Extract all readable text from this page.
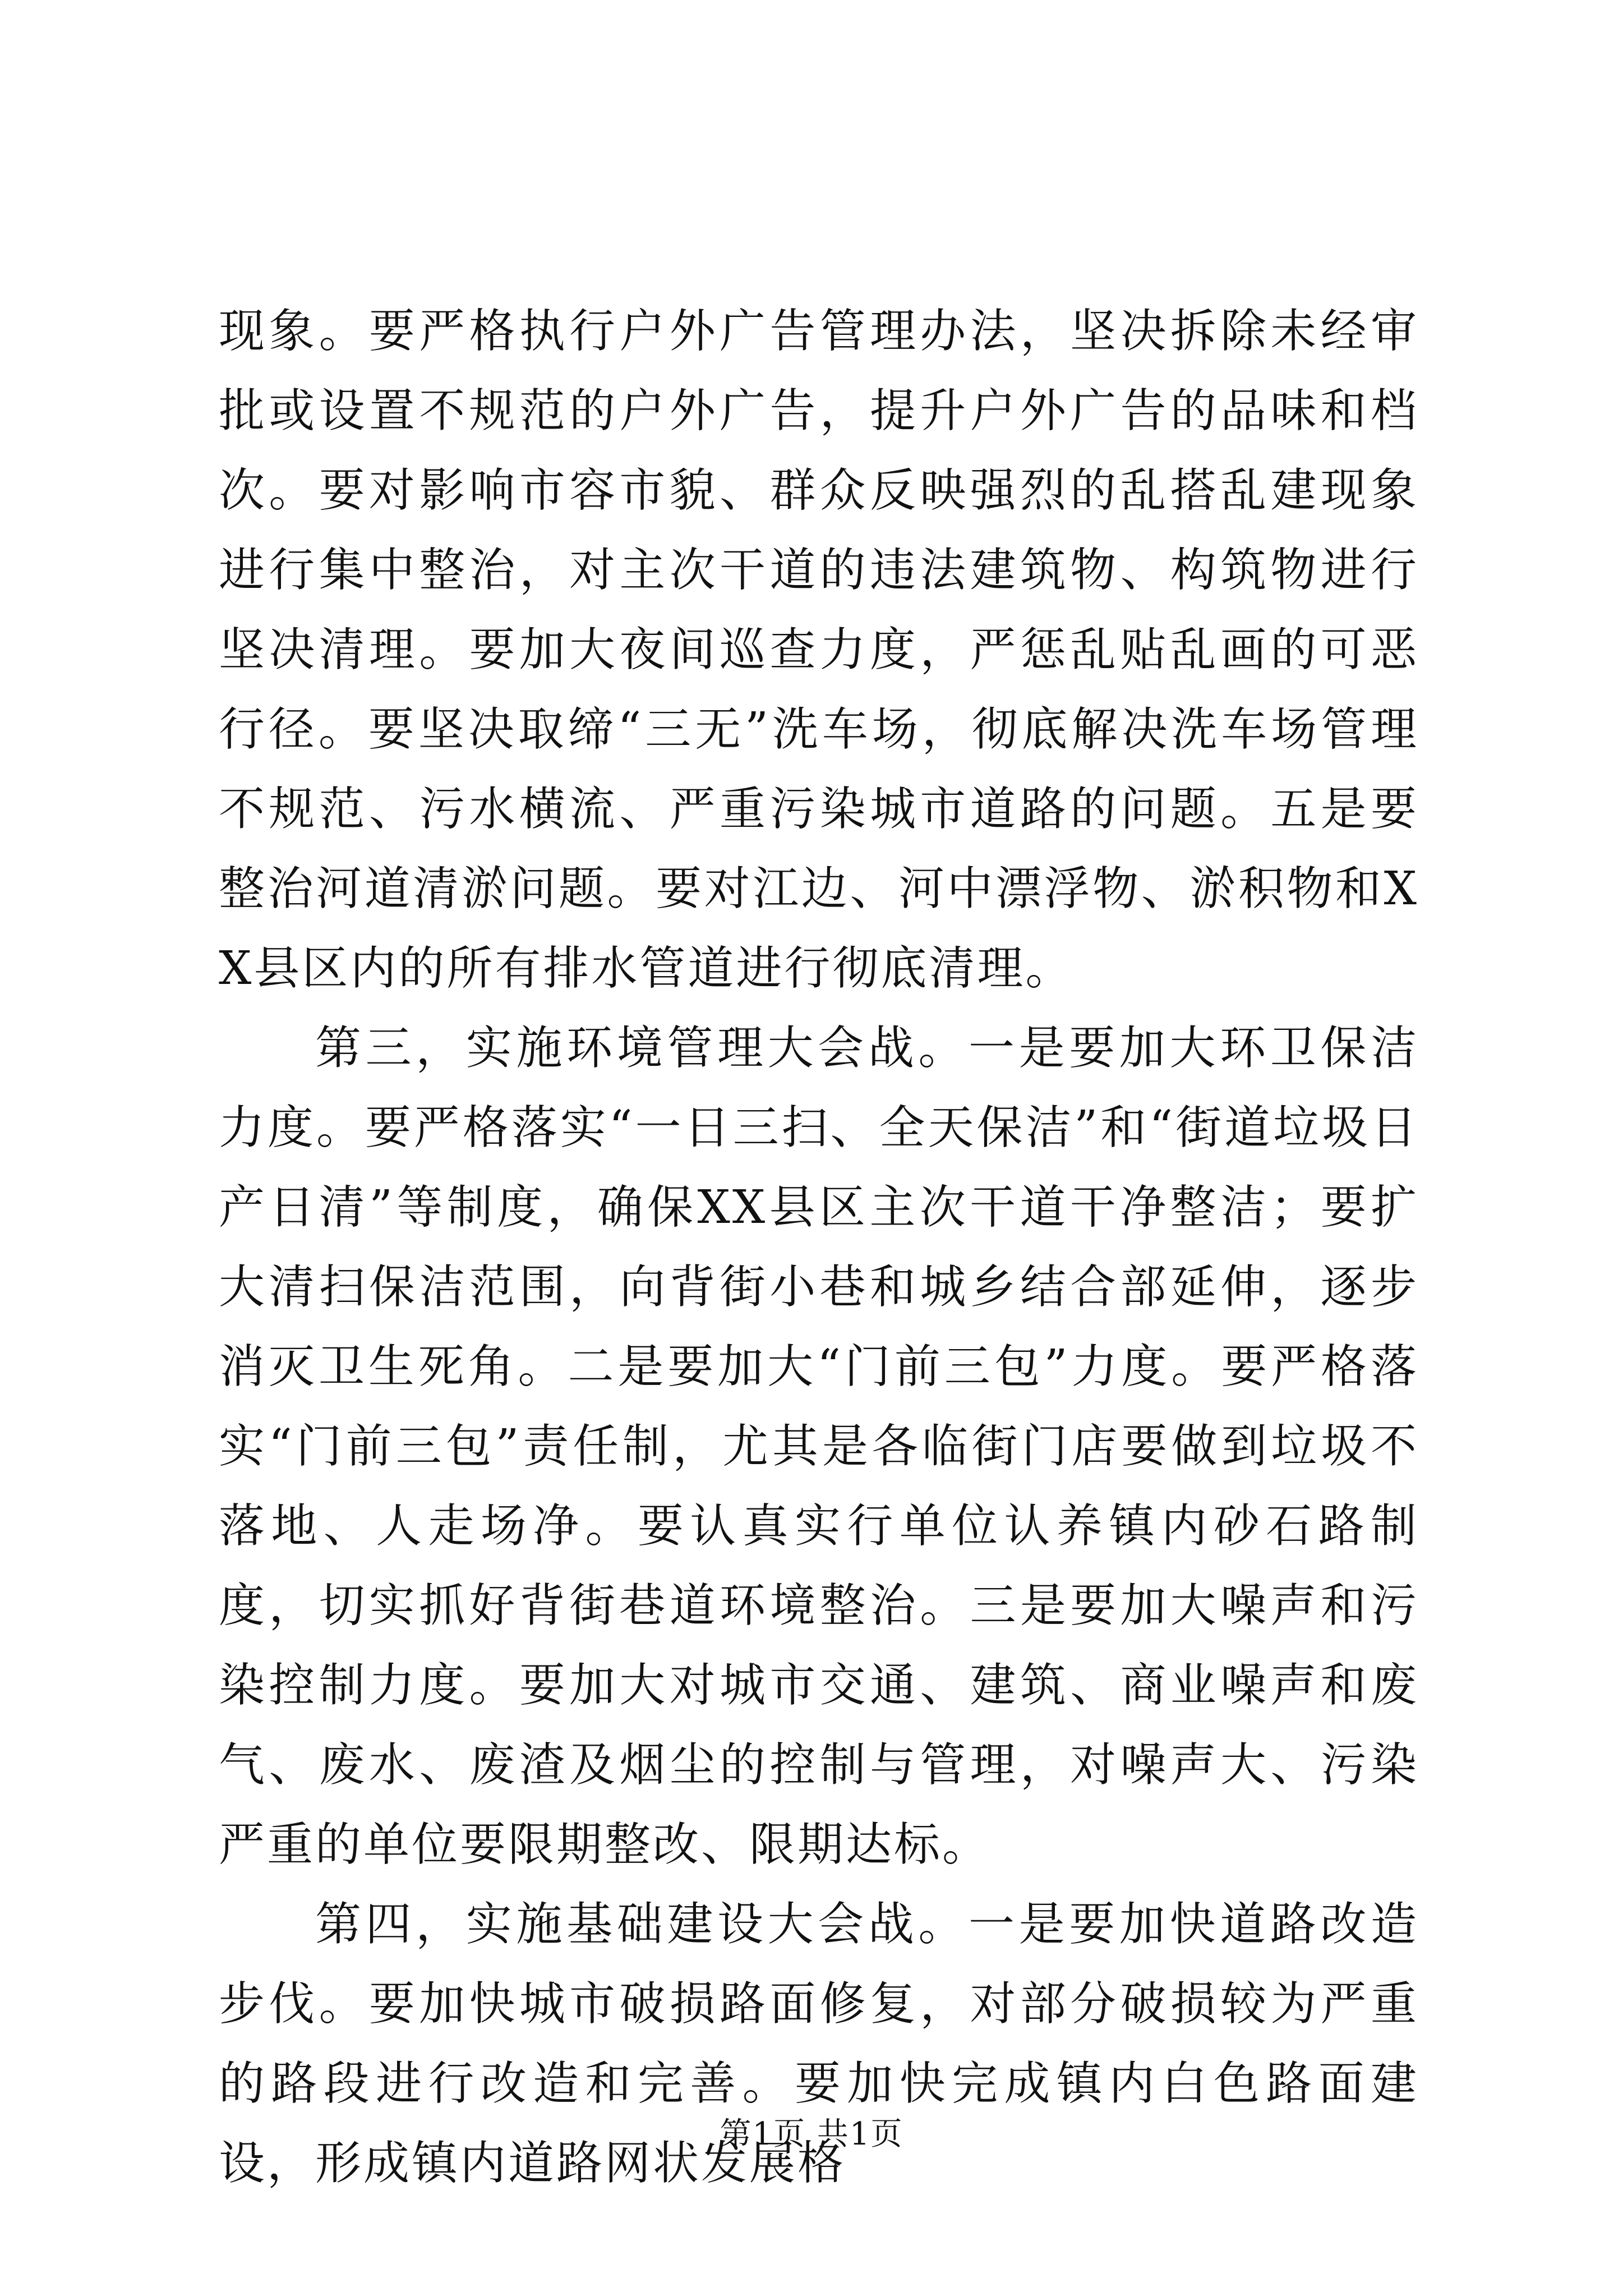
现象。要严格执行户外广告管理办法，坚决拆除未经审批或设置不规范的户外广告，提升户外广告的品味和档次。要对影响市容市貌、群众反映强烈的乱搭乱建现象进行集中整治，对主次干道的违法建筑物、构筑物进行坚决清理。要加大夜间巡查力度，严惩乱贴乱画的可恶行径。要坚决取缔“三无”洗车场，彻底解决洗车场管理不规范、污水横流、严重污染城市道路的问题。五是要整治河道清淤问题。要对江边、河中漂浮物、淤积物和XX县区内的所有排水管道进行彻底清理。

第三，实施环境管理大会战。一是要加大环卫保洁力度。要严格落实“一日三扫、全天保洁”和“街道垃圾日产日清”等制度，确保XX县区主次干道干净整洁；要扩大清扫保洁范围，向背街小巷和城乡结合部延伸，逐步消灭卫生死角。二是要加大“门前三包”力度。要严格落实“门前三包”责任制，尤其是各临街门店要做到垃圾不落地、人走场净。要认真实行单位认养镇内砂石路制度，切实抓好背街巷道环境整治。三是要加大噪声和污染控制力度。要加大对城市交通、建筑、商业噪声和废气、废水、废渣及烟尘的控制与管理，对噪声大、污染严重的单位要限期整改、限期达标。

第四，实施基础建设大会战。一是要加快道路改造步伐。要加快城市破损路面修复，对部分破损较为严重的路段进行改造和完善。要加快完成镇内白色路面建设，形成镇内道路网状发展格

第1页 共1页
